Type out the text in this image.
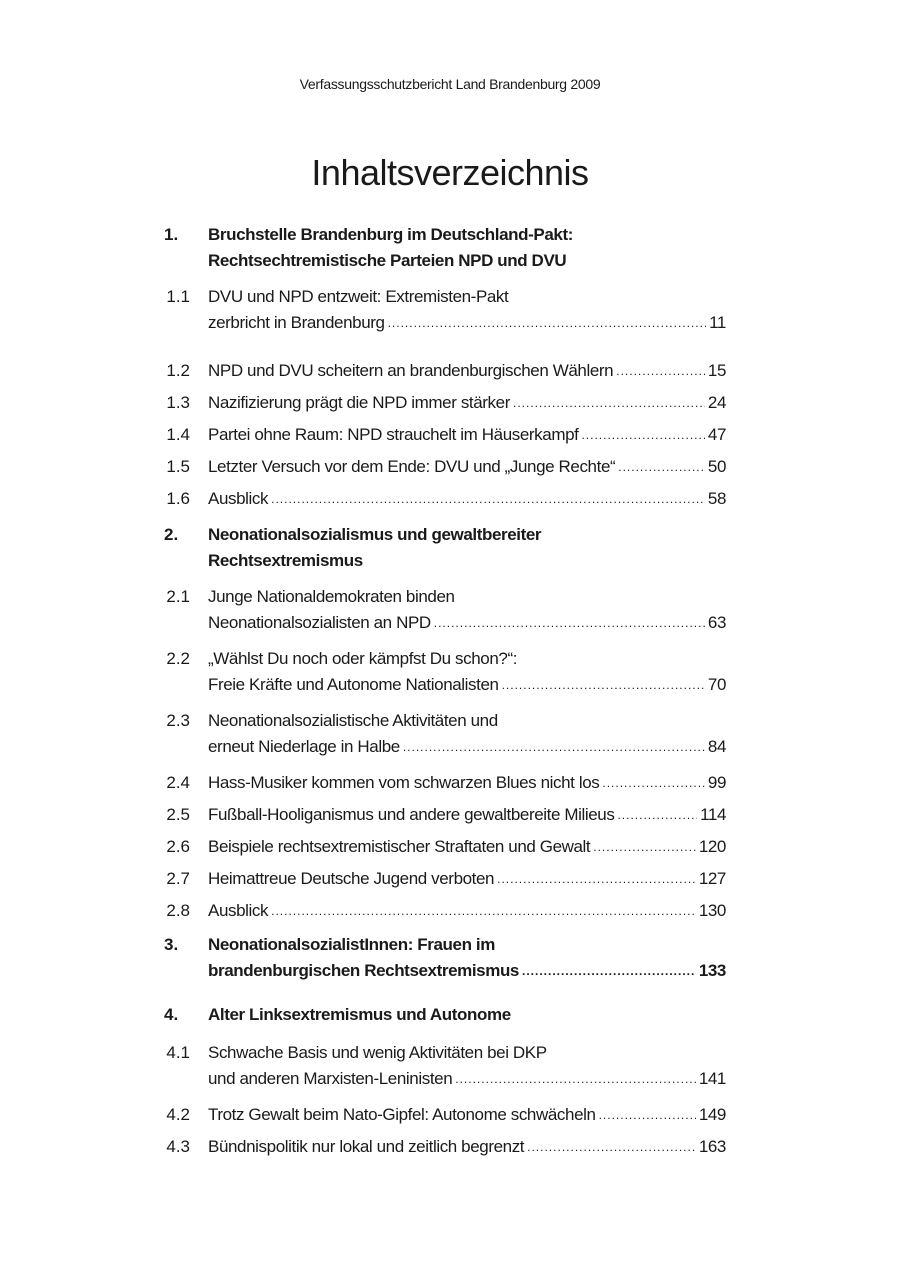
Verfassungsschutzbericht Land Brandenburg 2009
Inhaltsverzeichnis
1. Bruchstelle Brandenburg im Deutschland-Pakt:
Rechtsechtremistische Parteien NPD und DVU
1.1 DVU und NPD entzweit: Extremisten-Pakt
zerbricht in Brandenburg .....	11
1.2 NPD und DVU scheitern an brandenburgischen Wählern .....	15
1.3 Nazifizierung prägt die NPD immer stärker .....	24
1.4 Partei ohne Raum: NPD strauchelt im Häuserkampf .....	47
1.5 Letzter Versuch vor dem Ende: DVU und „Junge Rechte“ .....	50
1.6 Ausblick .....	58
2. Neonationalsozialismus und gewaltbereiter
Rechtsextremismus
2.1 Junge Nationaldemokraten binden
Neonationalsozialisten an NPD .....	63
2.2 „Wählst Du noch oder kämpfst Du schon?“:
Freie Kräfte und Autonome Nationalisten .....	70
2.3 Neonationalsozialistische Aktivitäten und
erneut Niederlage in Halbe .....	84
2.4 Hass-Musiker kommen vom schwarzen Blues nicht los .....	99
2.5 Fußball-Hooliganismus und andere gewaltbereite Milieus .....	114
2.6 Beispiele rechtsextremistischer Straftaten und Gewalt .....	120
2.7 Heimattreue Deutsche Jugend verboten .....	127
2.8 Ausblick .....	130
3. NeonationalsozialistInnen: Frauen im
brandenburgischen Rechtsextremismus .....	133
4. Alter Linksextremismus und Autonome
4.1 Schwache Basis und wenig Aktivitäten bei DKP
und anderen Marxisten-Leninisten .....	141
4.2 Trotz Gewalt beim Nato-Gipfel: Autonome schwächeln .....	149
4.3 Bündnispolitik nur lokal und zeitlich begrenzt .....	163
